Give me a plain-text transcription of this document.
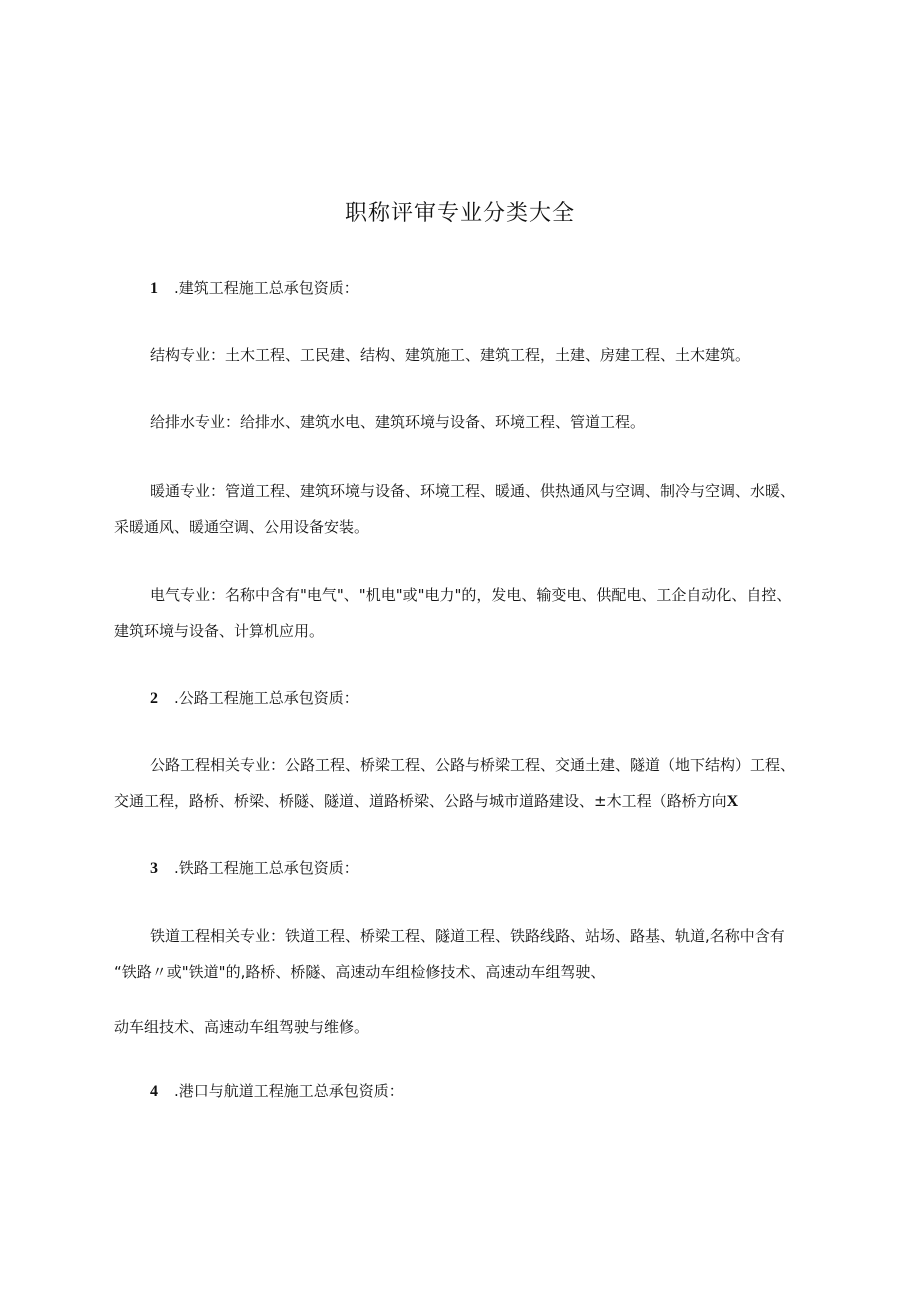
职称评审专业分类大全

1 .建筑工程施工总承包资质：

结构专业：土木工程、工民建、结构、建筑施工、建筑工程，土建、房建工程、土木建筑。

给排水专业：给排水、建筑水电、建筑环境与设备、环境工程、管道工程。

暖通专业：管道工程、建筑环境与设备、环境工程、暖通、供热通风与空调、制冷与空调、水暖、

采暖通风、暖通空调、公用设备安装。

电气专业：名称中含有"电气"、"机电"或"电力"的，发电、输变电、供配电、工企自动化、自控、

建筑环境与设备、计算机应用。

2 .公路工程施工总承包资质：

公路工程相关专业：公路工程、桥梁工程、公路与桥梁工程、交通土建、隧道（地下结构）工程、

交通工程，路桥、桥梁、桥隧、隧道、道路桥梁、公路与城市道路建设、±木工程（路桥方向X

3 .铁路工程施工总承包资质：

铁道工程相关专业：铁道工程、桥梁工程、隧道工程、铁路线路、站场、路基、轨道,名称中含有

“铁路〃或"铁道"的,路桥、桥隧、高速动车组检修技术、高速动车组驾驶、

动车组技术、高速动车组驾驶与维修。

4 .港口与航道工程施工总承包资质：
